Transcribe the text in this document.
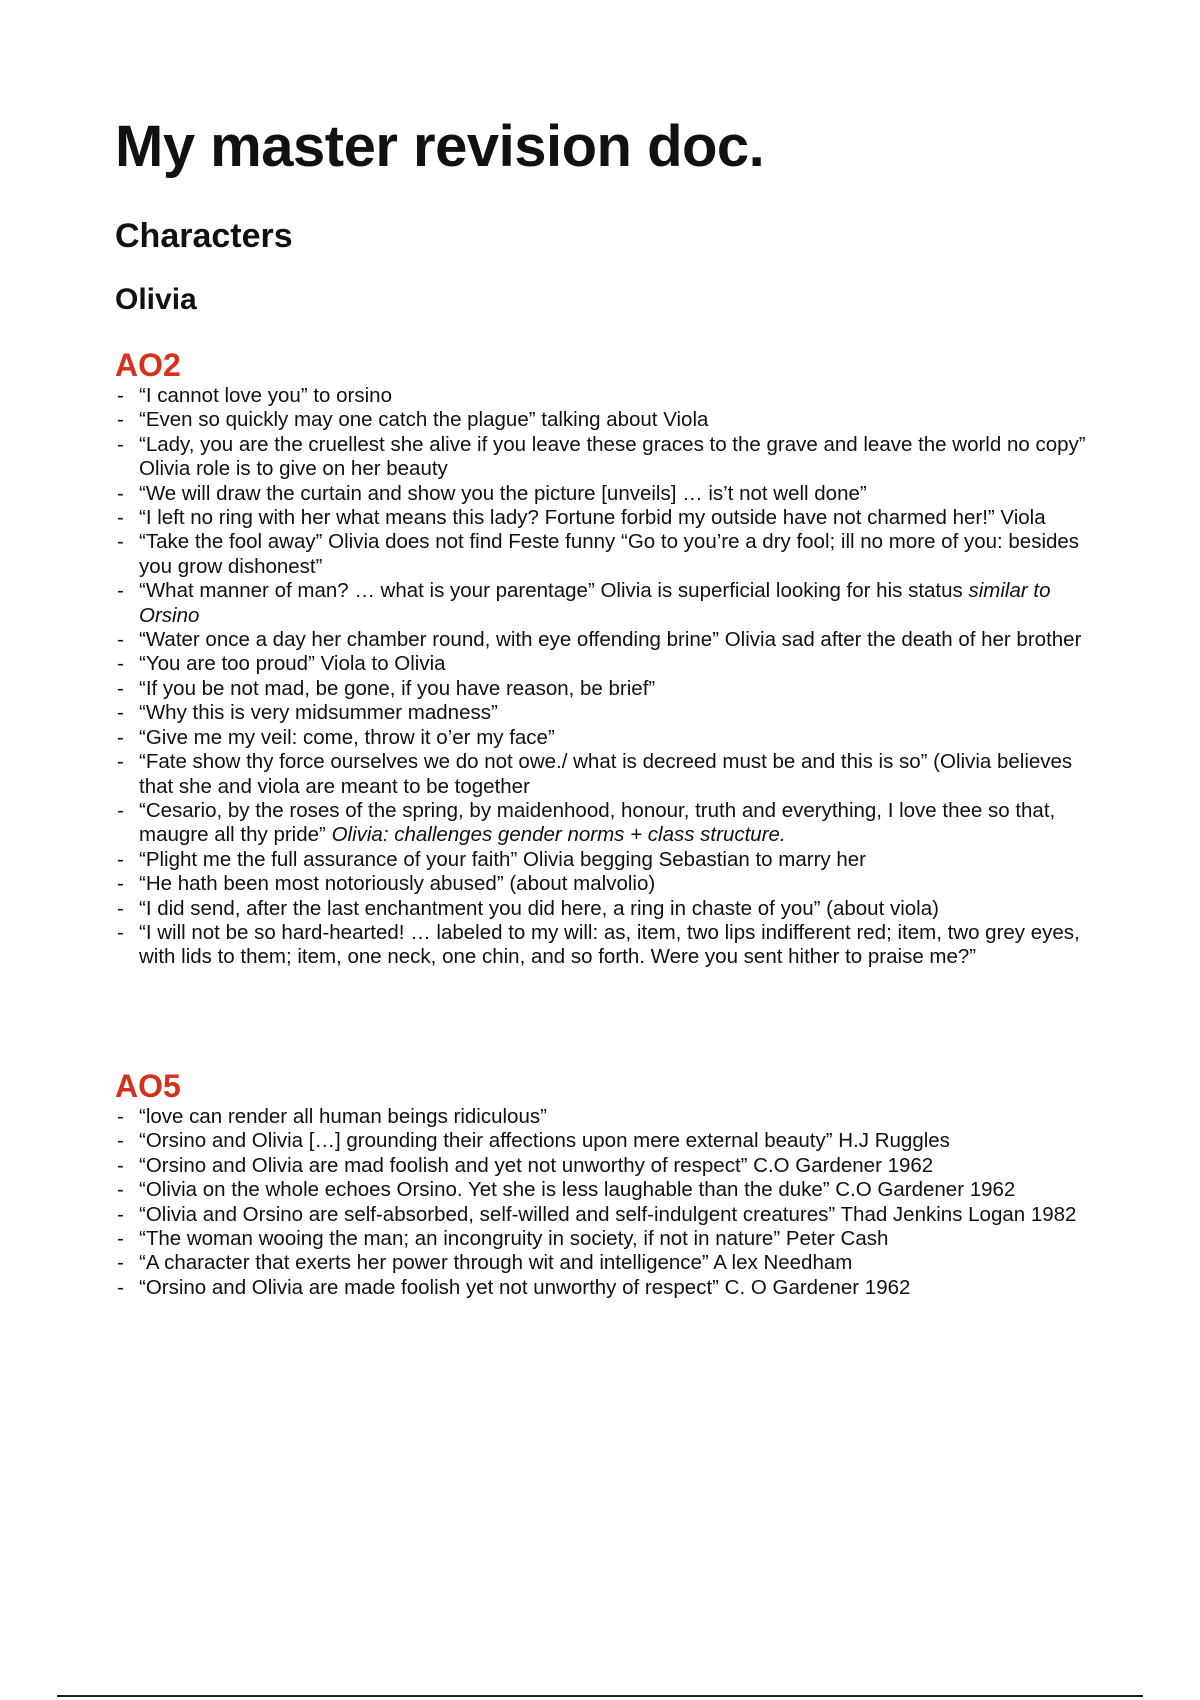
My master revision doc.
Characters
Olivia
AO2
- “I cannot love you” to orsino
- “Even so quickly may one catch the plague” talking about Viola
- “Lady, you are the cruellest she alive if you leave these graces to the grave and leave the world no copy” Olivia role is to give on her beauty
- “We will draw the curtain and show you the picture [unveils] … is’t not well done”
- “I left no ring with her what means this lady? Fortune forbid my outside have not charmed her!” Viola
- “Take the fool away” Olivia does not find Feste funny “Go to you’re a dry fool; ill no more of you: besides you grow dishonest”
- “What manner of man? … what is your parentage” Olivia is superficial looking for his status similar to Orsino
- “Water once a day her chamber round, with eye offending brine” Olivia sad after the death of her brother
- “You are too proud” Viola to Olivia
- “If you be not mad, be gone, if you have reason, be brief”
- “Why this is very midsummer madness”
- “Give me my veil: come, throw it o’er my face”
- “Fate show thy force ourselves we do not owe./ what is decreed must be and this is so” (Olivia believes that she and viola are meant to be together
- “Cesario, by the roses of the spring, by maidenhood, honour, truth and everything, I love thee so that, maugre all thy pride” Olivia: challenges gender norms + class structure.
- “Plight me the full assurance of your faith” Olivia begging Sebastian to marry her
- “He hath been most notoriously abused” (about malvolio)
- “I did send, after the last enchantment you did here, a ring in chaste of you” (about viola)
- “I will not be so hard-hearted! … labeled to my will: as, item, two lips indifferent red; item, two grey eyes, with lids to them; item, one neck, one chin, and so forth. Were you sent hither to praise me?”
AO5
- “love can render all human beings ridiculous”
- “Orsino and Olivia […] grounding their affections upon mere external beauty” H.J Ruggles
- “Orsino and Olivia are mad foolish and yet not unworthy of respect” C.O Gardener 1962
- “Olivia on the whole echoes Orsino. Yet she is less laughable than the duke” C.O Gardener 1962
- “Olivia and Orsino are self-absorbed, self-willed and self-indulgent creatures” Thad Jenkins Logan 1982
- “The woman wooing the man; an incongruity in society, if not in nature” Peter Cash
- “A character that exerts her power through wit and intelligence” A lex Needham
- “Orsino and Olivia are made foolish yet not unworthy of respect” C. O Gardener 1962
